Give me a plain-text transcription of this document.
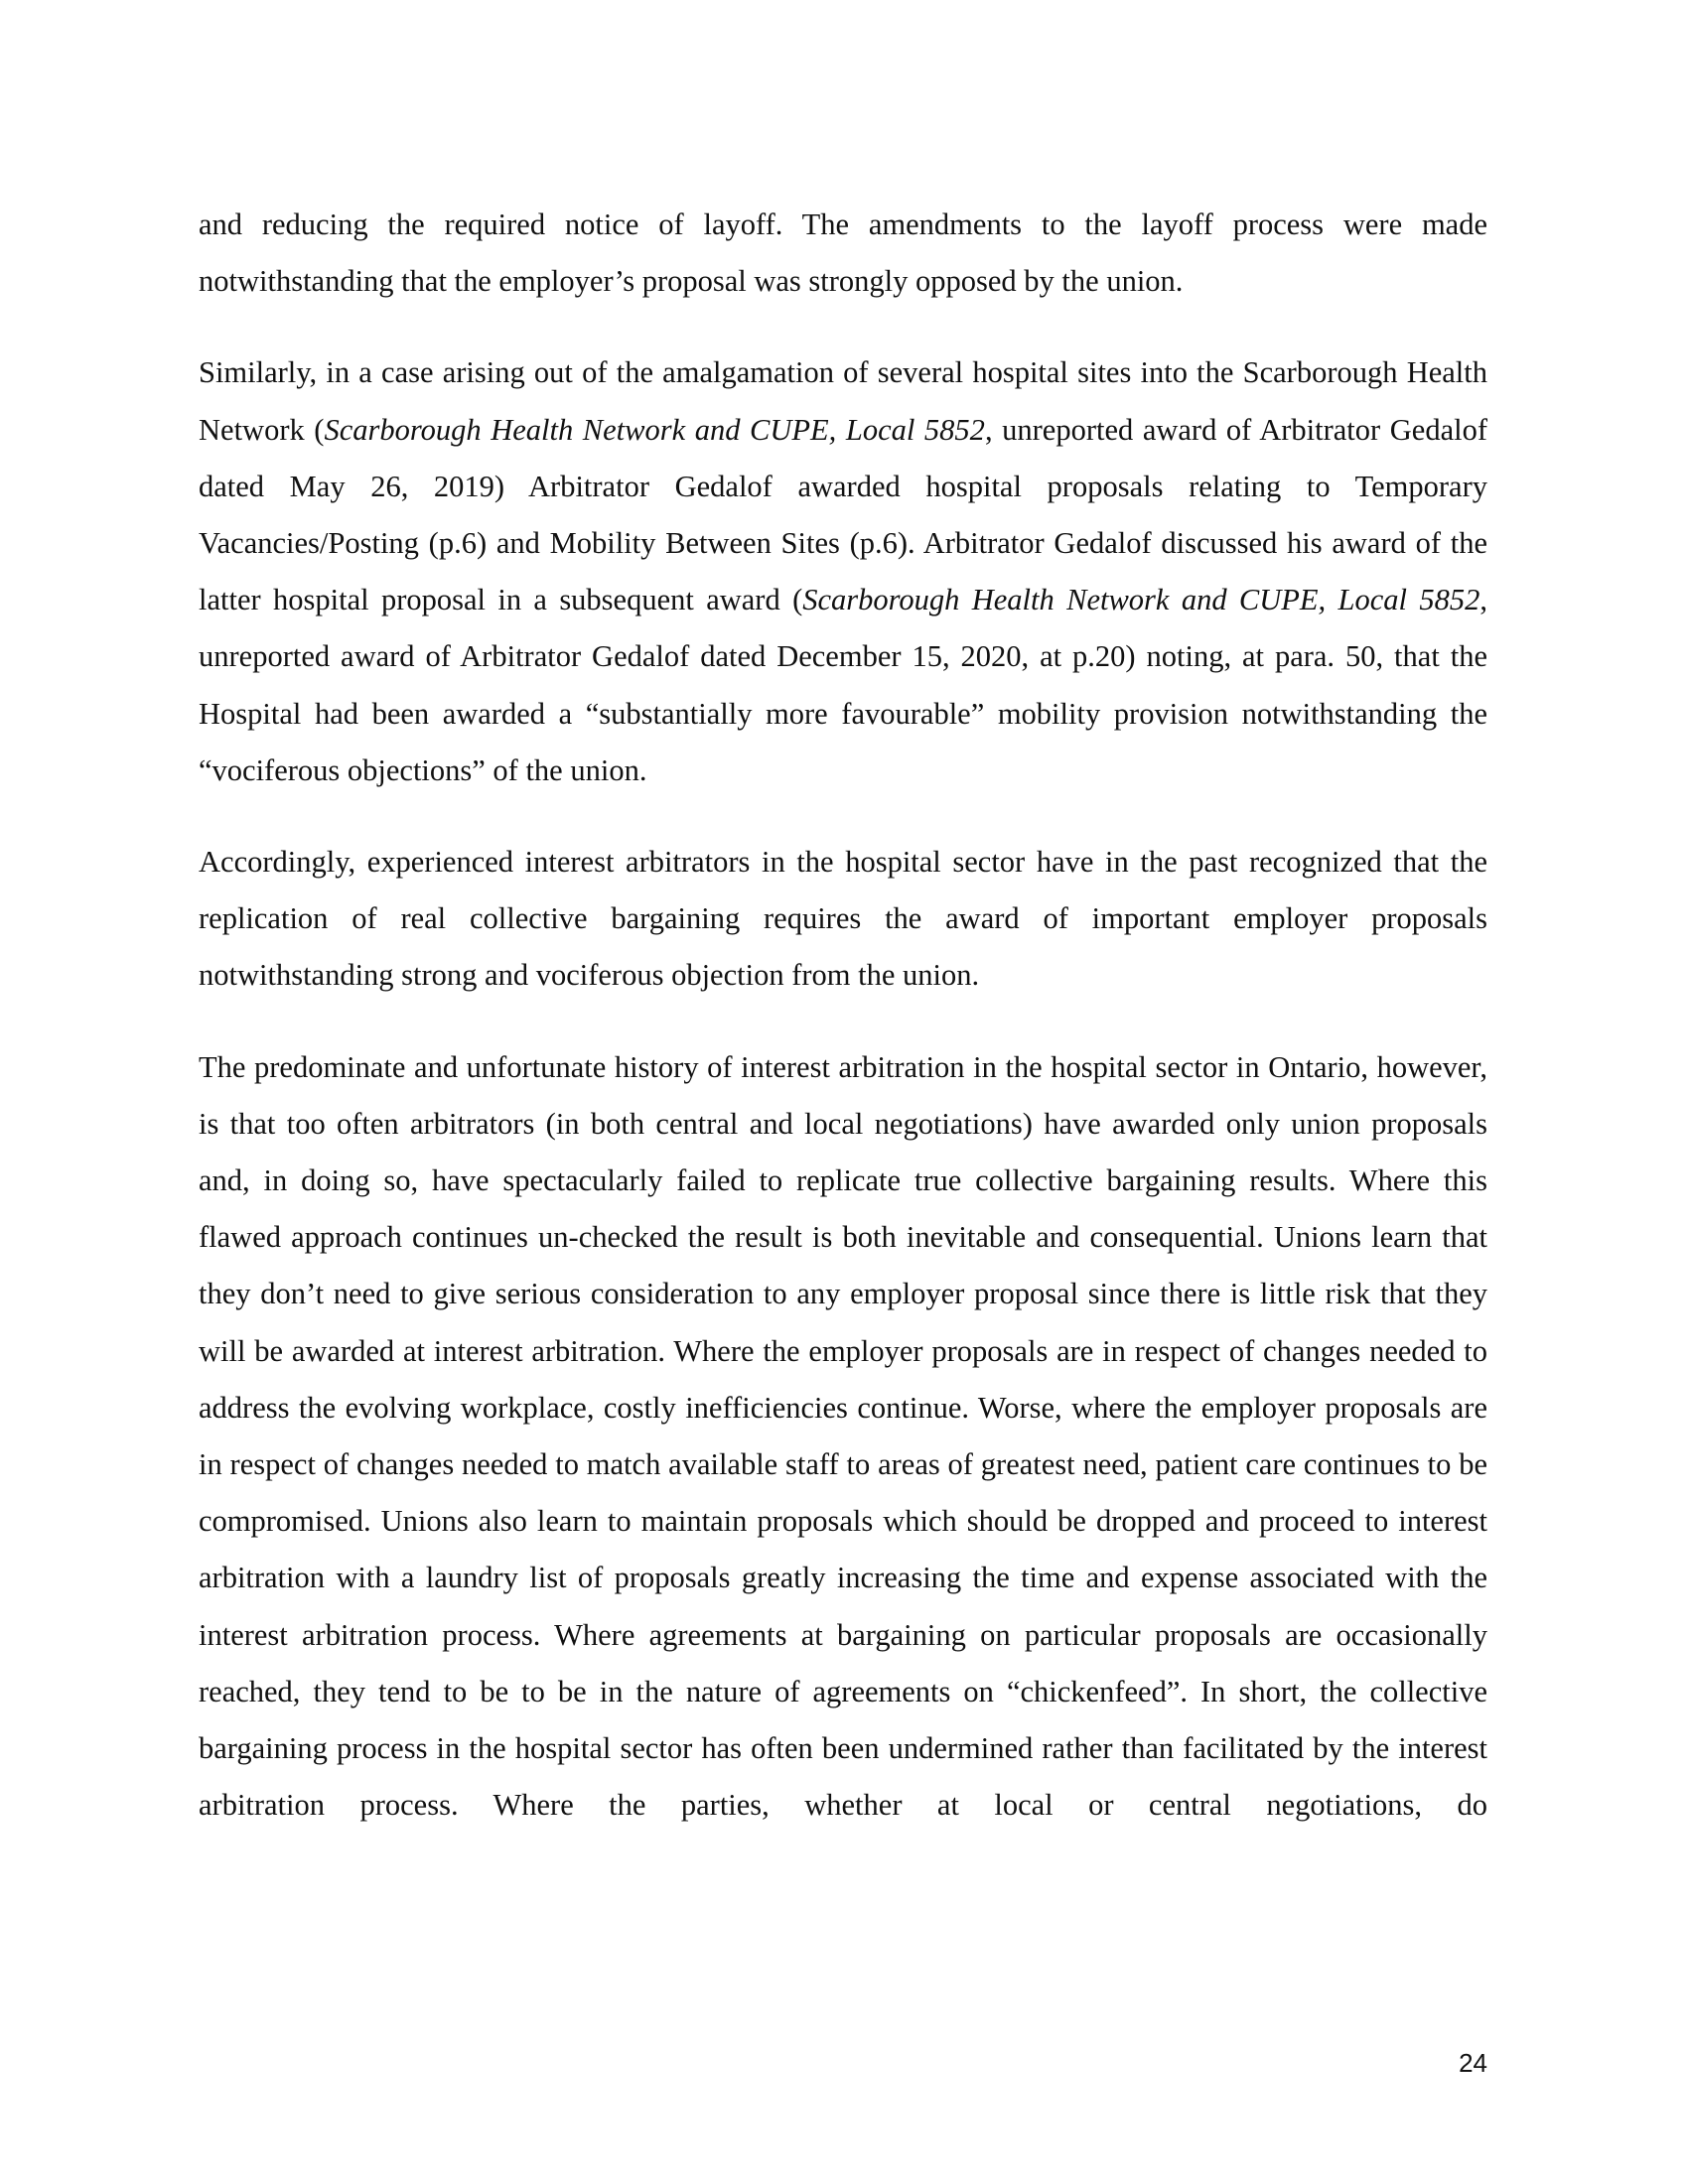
and reducing the required notice of layoff. The amendments to the layoff process were made notwithstanding that the employer’s proposal was strongly opposed by the union.

Similarly, in a case arising out of the amalgamation of several hospital sites into the Scarborough Health Network (Scarborough Health Network and CUPE, Local 5852, unreported award of Arbitrator Gedalof dated May 26, 2019) Arbitrator Gedalof awarded hospital proposals relating to Temporary Vacancies/Posting (p.6) and Mobility Between Sites (p.6). Arbitrator Gedalof discussed his award of the latter hospital proposal in a subsequent award (Scarborough Health Network and CUPE, Local 5852, unreported award of Arbitrator Gedalof dated December 15, 2020, at p.20) noting, at para. 50, that the Hospital had been awarded a “substantially more favourable” mobility provision notwithstanding the “vociferous objections” of the union.

Accordingly, experienced interest arbitrators in the hospital sector have in the past recognized that the replication of real collective bargaining requires the award of important employer proposals notwithstanding strong and vociferous objection from the union.

The predominate and unfortunate history of interest arbitration in the hospital sector in Ontario, however, is that too often arbitrators (in both central and local negotiations) have awarded only union proposals and, in doing so, have spectacularly failed to replicate true collective bargaining results. Where this flawed approach continues un-checked the result is both inevitable and consequential. Unions learn that they don’t need to give serious consideration to any employer proposal since there is little risk that they will be awarded at interest arbitration. Where the employer proposals are in respect of changes needed to address the evolving workplace, costly inefficiencies continue. Worse, where the employer proposals are in respect of changes needed to match available staff to areas of greatest need, patient care continues to be compromised. Unions also learn to maintain proposals which should be dropped and proceed to interest arbitration with a laundry list of proposals greatly increasing the time and expense associated with the interest arbitration process. Where agreements at bargaining on particular proposals are occasionally reached, they tend to be to be in the nature of agreements on “chickenfeed”. In short, the collective bargaining process in the hospital sector has often been undermined rather than facilitated by the interest arbitration process. Where the parties, whether at local or central negotiations, do

24
